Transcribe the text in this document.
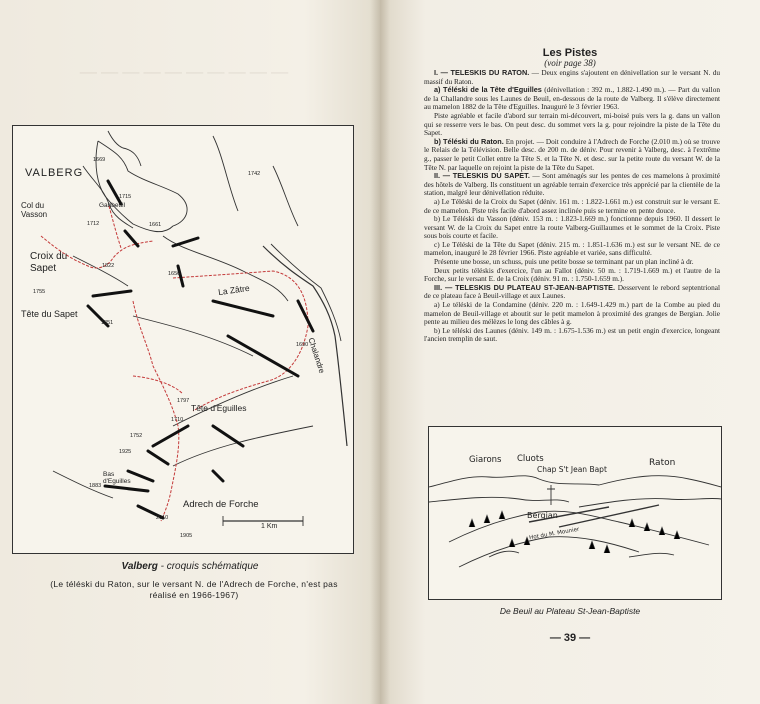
— — — — — — — — — —
VALBERG
Col du
Vasson
Garibeuil
Croix du
Sapet
Tête du Sapet
La Zâtre
Chalandre
Tête d'Eguilles
Bas
d'Eguilles
Adrech de Forche
1 Km
1669
1715
1712	1661
1742
1822
1656
1755
1851
1690
1797
1710
1752
1925
1883
2010
1905
Valberg - croquis schématique
(Le téléski du Raton, sur le versant N. de l'Adrech de Forche, n'est pas réalisé en 1966-1967)
Les Pistes
(voir page 38)

I. — TELESKIS DU RATON. — Deux engins s'ajoutent en dénivellation sur le versant N. du massif du Raton.

a) Téléski de la Tête d'Eguilles (dénivellation : 392 m., 1.882-1.490 m.). — Part du vallon de la Challandre sous les Launes de Beuil, en-dessous de la route de Valberg. Il s'élève directement au mamelon 1882 de la Tête d'Eguilles. Inauguré le 3 février 1963.

Piste agréable et facile d'abord sur terrain mi-découvert, mi-boisé puis vers la g. dans un vallon qui se resserre vers le bas. On peut desc. du sommet vers la g. pour rejoindre la piste de la Tête du Sapet.

b) Téléski du Raton. En projet. — Doit conduire à l'Adrech de Forche (2.010 m.) où se trouve le Relais de la Télévision. Belle desc. de 200 m. de déniv. Pour revenir à Valberg, desc. à l'extrême g., passer le petit Collet entre la Tête S. et la Tête N. et desc. sur la petite route du versant W. de la Tête N. par laquelle on rejoint la piste de la Tête du Sapet.

II. — TELESKIS DU SAPET. — Sont aménagés sur les pentes de ces mamelons à proximité des hôtels de Valberg. Ils constituent un agréable terrain d'exercice très apprécié par la clientèle de la station, malgré leur dénivellation réduite.

a) Le Téléski de la Croix du Sapet (déniv. 161 m. : 1.822-1.661 m.) est construit sur le versant E. de ce mamelon. Piste très facile d'abord assez inclinée puis se termine en pente douce.

b) Le Téléski du Vasson (déniv. 153 m. : 1.823-1.669 m.) fonctionne depuis 1960. Il dessert le versant W. de la Croix du Sapet entre la route Valberg-Guillaumes et le sommet de la Croix. Piste sous bois courte et facile.

c) Le Téléski de la Tête du Sapet (déniv. 215 m. : 1.851-1.636 m.) est sur le versant NE. de ce mamelon, inauguré le 28 février 1966. Piste agréable et variée, sans difficulté.

Présente une bosse, un schuss, puis une petite bosse se terminant par un plan incliné à dr.

Deux petits téléskis d'exercice, l'un au Fallot (déniv. 50 m. : 1.719-1.669 m.) et l'autre de la Forche, sur le versant E. de la Croix (déniv. 91 m. : 1.750-1.659 m.).

III. — TELESKIS DU PLATEAU ST-JEAN-BAPTISTE. Desservent le rebord septentrional de ce plateau face à Beuil-village et aux Launes.

a) Le téléski de la Condamine (déniv. 220 m. : 1.649-1.429 m.) part de la Combe au pied du mamelon de Beuil-village et aboutit sur le petit mamelon à proximité des granges de Bergian. Jolie pente au milieu des mélèzes le long des câbles à g.

b) Le téléski des Launes (déniv. 149 m. : 1.675-1.536 m.) est un petit engin d'exercice, longeant l'ancien tremplin de saut.

Giarons Cluots
Chap S't Jean Bapt
Raton
Bergian
Hot du M. Mounier
De Beuil au Plateau St-Jean-Baptiste
— 39 —
